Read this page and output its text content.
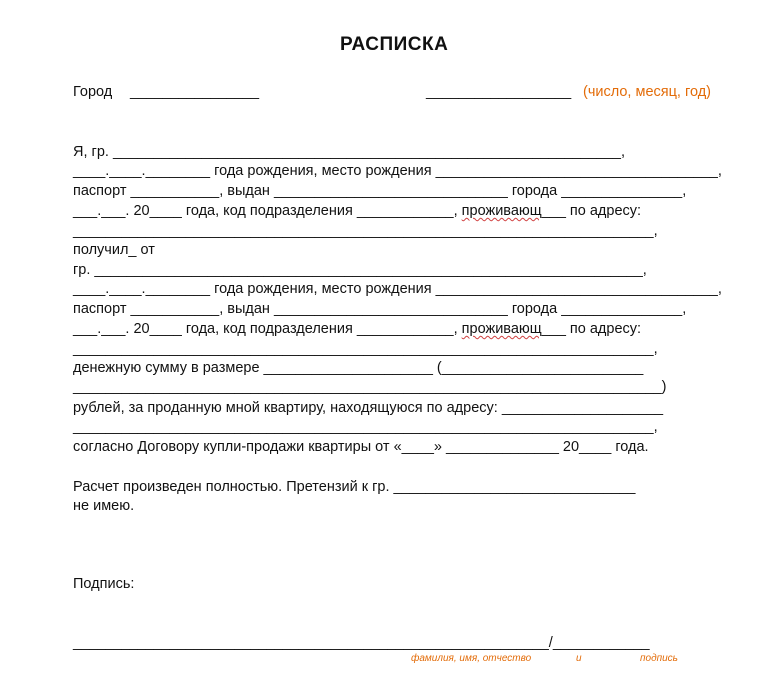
РАСПИСКА
Город ________________	__________________ (число, месяц, год)
Я, гр. _______________________________________________________________,
____.____.________ года рождения, место рождения ___________________________________,
паспорт ___________, выдан _____________________________ города _______________,
___.___. 20____ года, код подразделения ____________, проживающ___ по адресу:
________________________________________________________________________,
получил_ от
гр. ____________________________________________________________________,
____.____.________ года рождения, место рождения ___________________________________,
паспорт ___________, выдан _____________________________ города _______________,
___.___. 20____ года, код подразделения ____________, проживающ___ по адресу:
________________________________________________________________________,
денежную сумму в размере _____________________ (_________________________
_________________________________________________________________________)
рублей, за проданную мной квартиру, находящуюся по адресу: ____________________
________________________________________________________________________,
согласно Договору купли-продажи квартиры от «____» ______________ 20____ года.
Расчет произведен полностью. Претензий к гр. ______________________________
не имею.
Подпись:
___________________________________________________________/____________
фамилия, имя, отчество	и	подпись
